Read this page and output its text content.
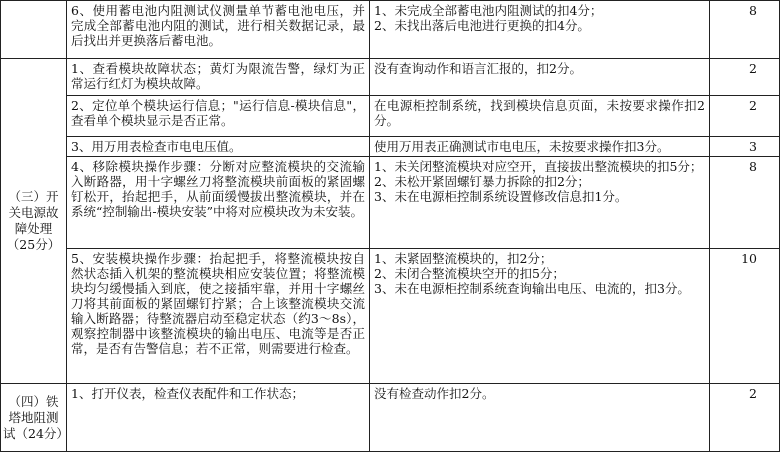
	6、使用蓄电池内阻测试仪测量单节蓄电池电压，并完成全部蓄电池内阻的测试，进行相关数据记录，最后找出并更换落后蓄电池。	1、未完成全部蓄电池内阻测试的扣4分；
2、未找出落后电池进行更换的扣4分。	8
（三）开关电源故障处理（25分）	1、查看模块故障状态；黄灯为限流告警，绿灯为正常运行红灯为模块故障。	没有查询动作和语言汇报的，扣2分。	2

	2、定位单个模块运行信息；"运行信息-模块信息"，查看单个模块显示是否正常。	在电源柜控制系统，找到模块信息页面，未按要求操作扣2分。	2

	3、用万用表检查市电电压值。	使用万用表正确测试市电电压，未按要求操作扣3分。	3

	4、移除模块操作步骤：分断对应整流模块的交流输入断路器，用十字螺丝刀将整流模块前面板的紧固螺钉松开，抬起把手，从前面缓慢拔出整流模块，并在系统“控制输出-模块安装”中将对应模块改为未安装。	1、未关闭整流模块对应空开，直接拔出整流模块的扣5分；
2、未松开紧固螺钉暴力拆除的扣2分；
3、未在电源柜控制系统设置修改信息扣1分。	8

	5、安装模块操作步骤：抬起把手，将整流模块按自然状态插入机架的整流模块相应安装位置；将整流模块均匀缓慢插入到底，使之接插牢靠，并用十字螺丝刀将其前面板的紧固螺钉拧紧；合上该整流模块交流输入断路器；待整流器启动至稳定状态（约3～8s），观察控制器中该整流模块的输出电压、电流等是否正常，是否有告警信息；若不正常，则需要进行检查。	1、未紧固整流模块的，扣2分；
2、未闭合整流模块空开的扣5分；
3、未在电源柜控制系统查询输出电压、电流的，扣3分。	10
（四）铁塔地阻测试（24分）	1、打开仪表，检查仪表配件和工作状态；	没有检查动作扣2分。	2
